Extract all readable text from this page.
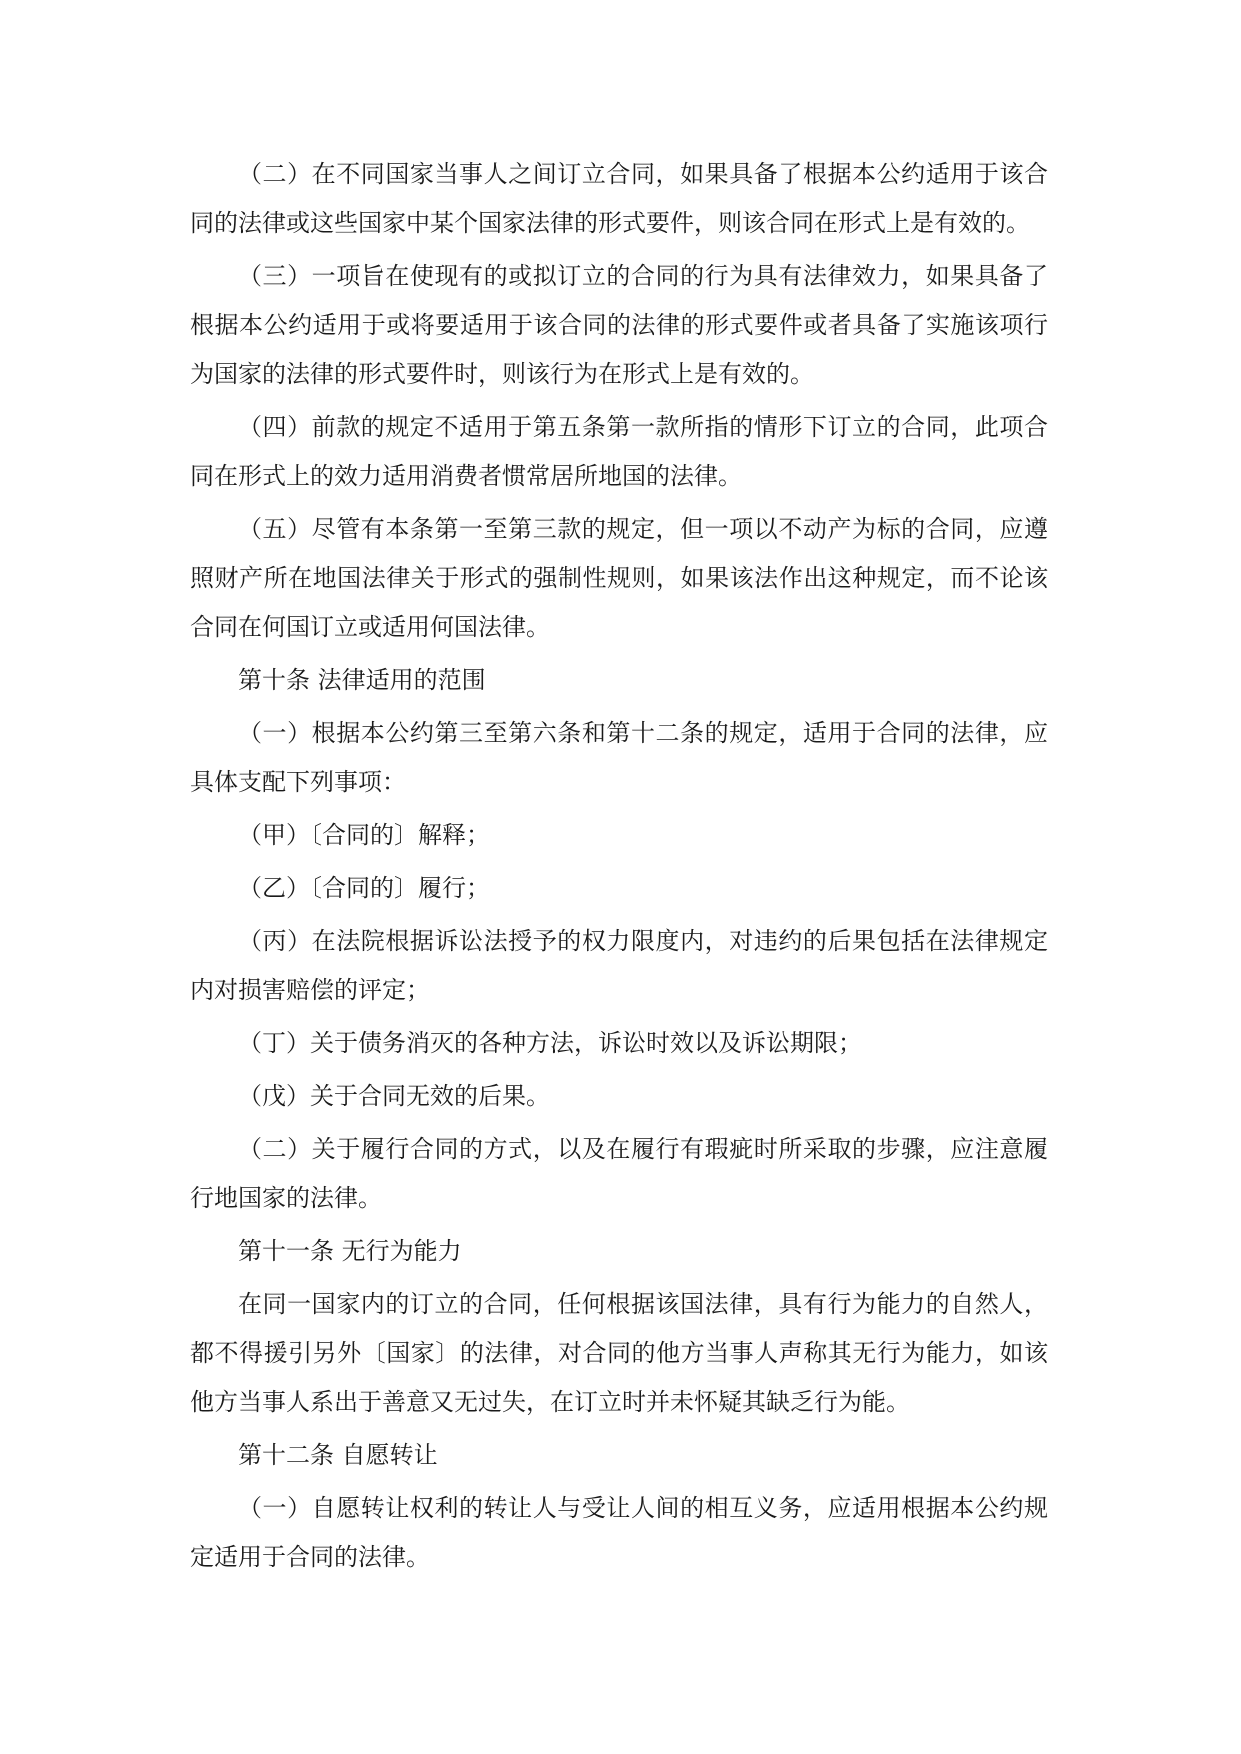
（二）在不同国家当事人之间订立合同，如果具备了根据本公约适用于该合同的法律或这些国家中某个国家法律的形式要件，则该合同在形式上是有效的。

（三）一项旨在使现有的或拟订立的合同的行为具有法律效力，如果具备了根据本公约适用于或将要适用于该合同的法律的形式要件或者具备了实施该项行为国家的法律的形式要件时，则该行为在形式上是有效的。

（四）前款的规定不适用于第五条第一款所指的情形下订立的合同，此项合同在形式上的效力适用消费者惯常居所地国的法律。

（五）尽管有本条第一至第三款的规定，但一项以不动产为标的合同，应遵照财产所在地国法律关于形式的强制性规则，如果该法作出这种规定，而不论该合同在何国订立或适用何国法律。

第十条 法律适用的范围

（一）根据本公约第三至第六条和第十二条的规定，适用于合同的法律，应具体支配下列事项：

（甲）〔合同的〕解释；

（乙）〔合同的〕履行；

（丙）在法院根据诉讼法授予的权力限度内，对违约的后果包括在法律规定内对损害赔偿的评定；

（丁）关于债务消灭的各种方法，诉讼时效以及诉讼期限；

（戊）关于合同无效的后果。

（二）关于履行合同的方式，以及在履行有瑕疵时所采取的步骤，应注意履行地国家的法律。

第十一条 无行为能力

在同一国家内的订立的合同，任何根据该国法律，具有行为能力的自然人，都不得援引另外〔国家〕的法律，对合同的他方当事人声称其无行为能力，如该他方当事人系出于善意又无过失，在订立时并未怀疑其缺乏行为能。

第十二条 自愿转让

（一）自愿转让权利的转让人与受让人间的相互义务，应适用根据本公约规定适用于合同的法律。
